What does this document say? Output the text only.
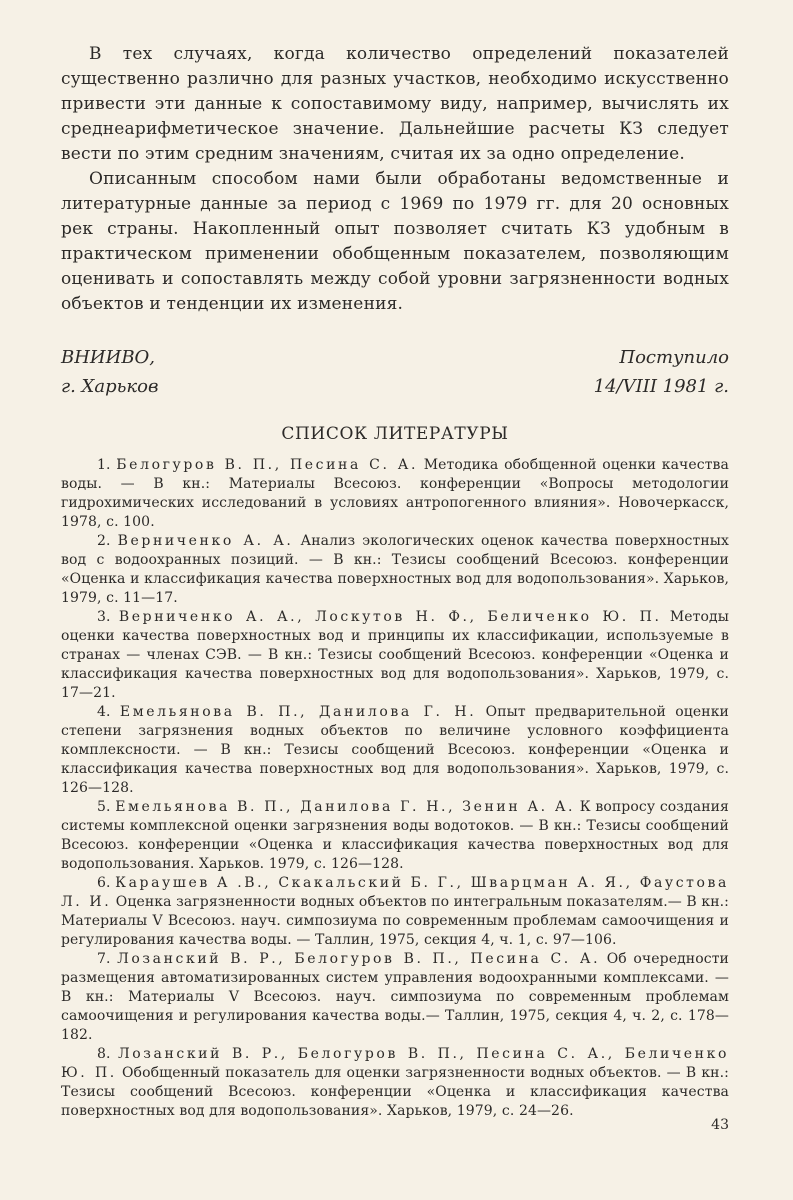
В тех случаях, когда количество определений показателей существенно различно для разных участков, необходимо искусственно привести эти данные к сопоставимому виду, например, вычислять их среднеарифметическое значение. Дальнейшие расчеты КЗ следует вести по этим средним значениям, считая их за одно определение.

Описанным способом нами были обработаны ведомственные и литературные данные за период с 1969 по 1979 гг. для 20 основных рек страны. Накопленный опыт позволяет считать КЗ удобным в практическом применении обобщенным показателем, позволяющим оценивать и сопоставлять между собой уровни загрязненности водных объектов и тенденции их изменения.

ВНИИВО,
г. Харьков
Поступило
14/VIII 1981 г.
СПИСОК ЛИТЕРАТУРЫ
1. Белогуров В. П., Песина С. А. Методика обобщенной оценки качества воды. — В кн.: Материалы Всесоюз. конференции «Вопросы методологии гидрохимических исследований в условиях антропогенного влияния». Новочеркасск, 1978, с. 100.
2. Верниченко А. А. Анализ экологических оценок качества поверхностных вод с водоохранных позиций. — В кн.: Тезисы сообщений Всесоюз. конференции «Оценка и классификация качества поверхностных вод для водопользования». Харьков, 1979, с. 11—17.
3. Верниченко А. А., Лоскутов Н. Ф., Беличенко Ю. П. Методы оценки качества поверхностных вод и принципы их классификации, используемые в странах — членах СЭВ. — В кн.: Тезисы сообщений Всесоюз. конференции «Оценка и классификация качества поверхностных вод для водопользования». Харьков, 1979, с. 17—21.
4. Емельянова В. П., Данилова Г. Н. Опыт предварительной оценки степени загрязнения водных объектов по величине условного коэффициента комплексности. — В кн.: Тезисы сообщений Всесоюз. конференции «Оценка и классификация качества поверхностных вод для водопользования». Харьков, 1979, с. 126—128.
5. Емельянова В. П., Данилова Г. Н., Зенин А. А. К вопросу создания системы комплексной оценки загрязнения воды водотоков. — В кн.: Тезисы сообщений Всесоюз. конференции «Оценка и классификация качества поверхностных вод для водопользования. Харьков. 1979, с. 126—128.
6. Караушев А .В., Скакальский Б. Г., Шварцман А. Я., Фаустова Л. И. Оценка загрязненности водных объектов по интегральным показателям.— В кн.: Материалы V Всесоюз. науч. симпозиума по современным проблемам самоочищения и регулирования качества воды. — Таллин, 1975, секция 4, ч. 1, с. 97—106.
7. Лозанский В. Р., Белогуров В. П., Песина С. А. Об очередности размещения автоматизированных систем управления водоохранными комплексами. — В кн.: Материалы V Всесоюз. науч. симпозиума по современным проблемам самоочищения и регулирования качества воды.— Таллин, 1975, секция 4, ч. 2, с. 178—182.
8. Лозанский В. Р., Белогуров В. П., Песина С. А., Беличенко Ю. П. Обобщенный показатель для оценки загрязненности водных объектов. — В кн.: Тезисы сообщений Всесоюз. конференции «Оценка и классификация качества поверхностных вод для водопользования». Харьков, 1979, с. 24—26.
43
